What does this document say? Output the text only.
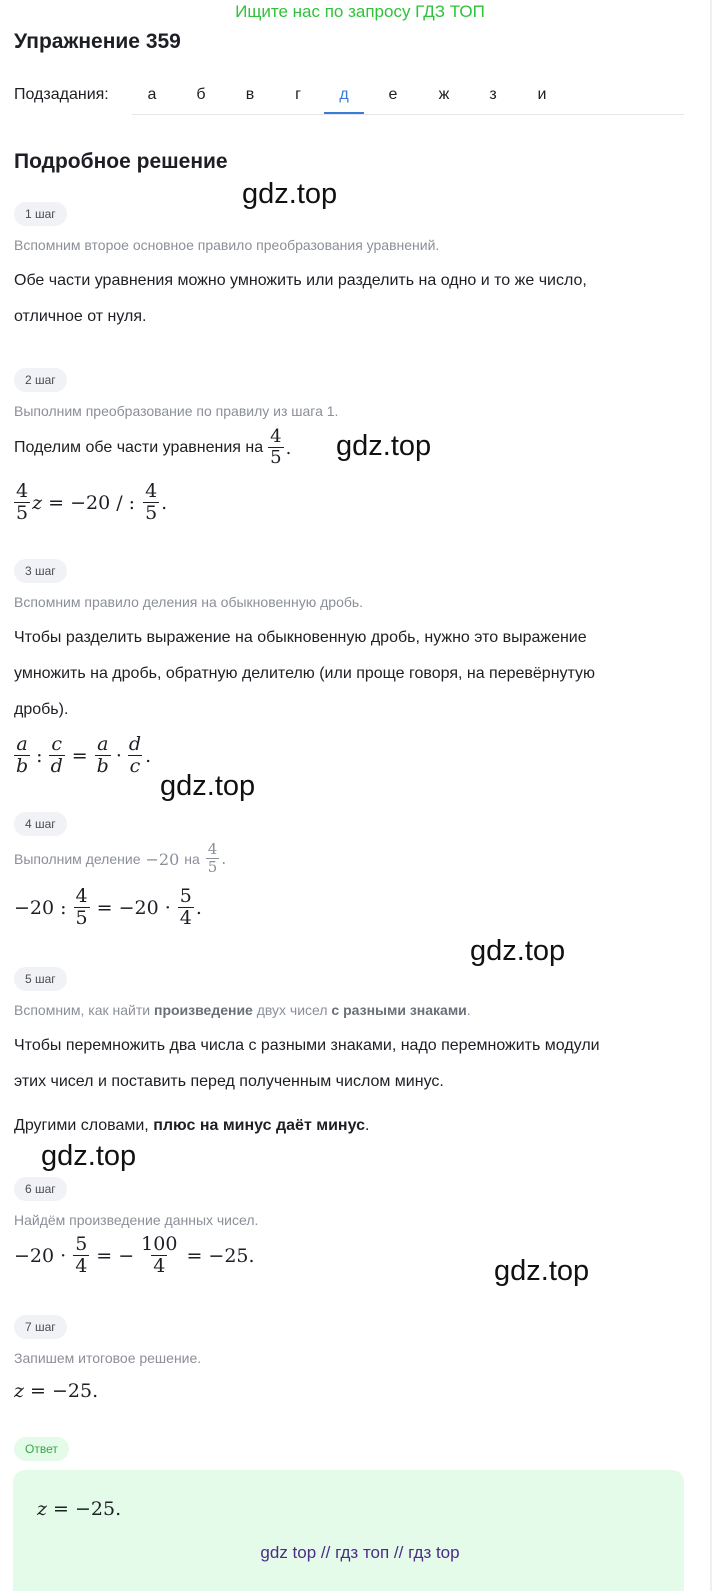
Ищите нас по запросу ГДЗ ТОП
Упражнение 359
Подзадания:	а	б	в	г	д	е	ж	з	и
Подробное решение
gdz.top
gdz.top
gdz.top
gdz.top
gdz.top
gdz.top
1 шаг
Вспомним второе основное правило преобразования уравнений.
Обе части уравнения можно умножить или разделить на одно и то же число,
отличное от нуля.
2 шаг
Выполним преобразование по правилу из шага 1.
Поделим обе части уравнения на $\frac{4}{5}$ .
$\frac{4}{5}$ z = −20 / : $\frac{4}{5}$ .
3 шаг
Вспомним правило деления на обыкновенную дробь.
Чтобы разделить выражение на обыкновенную дробь, нужно это выражение
умножить на дробь, обратную делителю (или проще говоря, на перевёрнутую
дробь).
$\frac{a}{b}$ : $\frac{c}{d} = \frac{a}{b} \cdot \frac{d}{c}$ .
4 шаг
Выполним деление −20 на $\frac{4}{5}$ .
−20 : $\frac{4}{5} = -20 \cdot \frac{5}{4}$ .
5 шаг
Вспомним, как найти произведение двух чисел с разными знаками.
Чтобы перемножить два числа с разными знаками, надо перемножить модули
этих чисел и поставить перед полученным числом минус.
Другими словами, плюс на минус даёт минус.
6 шаг
Найдём произведение данных чисел.
$-20 \cdot \frac{5}{4}$ = − $\frac{100}{4} = -25$.
7 шаг
Запишем итоговое решение.
z = −25.
Ответ
z = −25.
gdz top // гдз топ // гдз top
